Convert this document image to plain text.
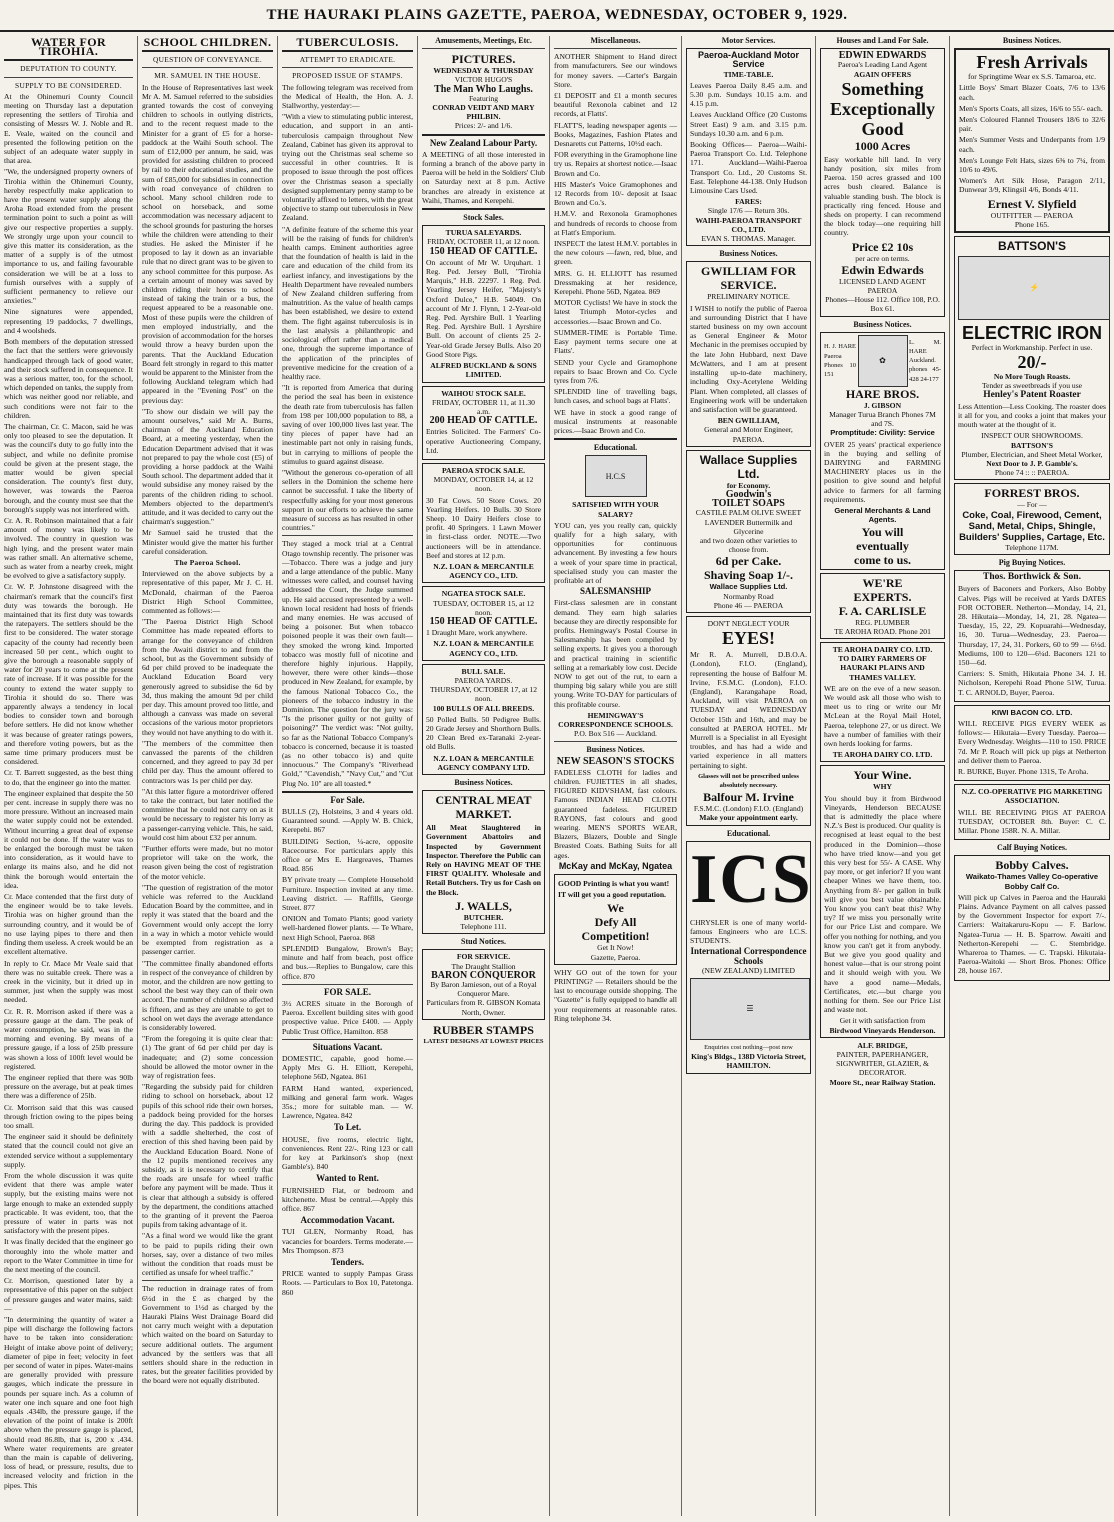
THE HAURAKI PLAINS GAZETTE, PAEROA, WEDNESDAY, OCTOBER 9, 1929.
WATER FOR TIROHIA.
DEPUTATION TO COUNTY.
SUPPLY TO BE CONSIDERED.

At the Ohinemuri County Council meeting on Thursday last a deputation representing the settlers of Tirohia and consisting of Messrs W. J. Noble and R. E. Veale, waited on the council and presented the following petition on the subject of an adequate water supply in that area.

"We, the undersigned property owners of Tirohia within the Ohinemuri County, hereby respectfully make application to have the present water supply along the Aroha Road extended from the present termination point to such a point as will give our respective properties a supply. We strongly urge upon your council to give this matter its consideration, as the matter of a supply is of the utmost importance to us, and failing favourable consideration we will be at a loss to furnish ourselves with a supply of sufficient permanency to relieve our anxieties."

Nine signatures were appended, representing 19 paddocks, 7 dwellings, and 4 woolsheds.

Both members of the deputation stressed the fact that the settlers were grievously handicapped through lack of good water, and their stock suffered in consequence. It was a serious matter, too, for the school, which depended on tanks, the supply from which was neither good nor reliable, and such conditions were not fair to the children.

The chairman, Cr. C. Macon, said he was only too pleased to see the deputation. It was the council's duty to go fully into the subject, and while no definite promise could be given at the present stage, the matter would be given special consideration. The county's first duty, however, was towards the Paeroa borough, and the county must see that the borough's supply was not interfered with.

Cr. A. R. Robinson maintained that a fair amount of money was likely to be involved. The country in question was high lying, and the present water main was rather small. An alternative scheme, such as water from a nearby creek, might be evolved to give a satisfactory supply.

Cr. W. P. Johnstone disagreed with the chairman's remark that the council's first duty was towards the borough. He maintained that its first duty was towards the ratepayers. The settlers should be the first to be considered. The water storage capacity of the county had recently been increased 50 per cent., which ought to give the borough a reasonable supply of water for 20 years to come at the present rate of increase. If it was possible for the county to extend the water supply to Tirohia it should do so. There was apparently always a tendency in local bodies to consider town and borough before settlers. He did not know whether it was because of greater ratings powers, and therefore voting powers, but as the same time primary producers must be considered.

Cr. T. Barrett suggested, as the best thing to do, that the engineer go into the matter.

The engineer explained that despite the 50 per cent. increase in supply there was no more pressure. Without an increased main the water supply could not be extended. Without incurring a great deal of expense it could not be done. If the water was to be enlarged the borough must be taken into consideration, as it would have to enlarge its mains also, and he did not think the borough would entertain the idea.

Cr. Mace contended that the first duty of the engineer would be to take levels. Tirohia was on higher ground than the surrounding country, and it would be of no use laying pipes to there and then finding them useless. A creek would be an excellent alternative.

In reply to Cr. Mace Mr Veale said that there was no suitable creek. There was a creek in the vicinity, but it dried up in summer, just when the supply was most needed.

Cr. R. R. Morrison asked if there was a pressure gauge at the dam. The peak of water consumption, he said, was in the morning and evening. By means of a pressure gauge, if a loss of 25lb pressure was shown a loss of 100ft level would be registered.

The engineer replied that there was 90lb pressure on the average, but at peak times there was a difference of 25lb.

Cr. Morrison said that this was caused through friction owing to the pipes being too small.

The engineer said it should be definitely stated that the council could not give an extended service without a supplementary supply.

From the whole discussion it was quite evident that there was ample water supply, but the existing mains were not large enough to make an extended supply practicable. It was evident, too, that the pressure of water in parts was not satisfactory with the present pipes.

It was finally decided that the engineer go thoroughly into the whole matter and report to the Water Committee in time for the next meeting of the council.

Cr. Morrison, questioned later by a representative of this paper on the subject of pressure gauges and water mains, said:—

"In determining the quantity of water a pipe will discharge the following factors have to be taken into consideration: Height of intake above point of delivery; diameter of pipe in feet; velocity in feet per second of water in pipes. Water-mains are generally provided with pressure gauges, which indicate the pressure in pounds per square inch. As a column of water one inch square and one foot high equals .434lb, the pressure gauge, if the elevation of the point of intake is 200ft above when the pressure gauge is placed, should read 86.8lb, that is, 200 x .434. Where water requirements are greater than the main is capable of delivering, loss of head, or pressure, results, due to increased velocity and friction in the pipes. This

SCHOOL CHILDREN.
QUESTION OF CONVEYANCE.
MR. SAMUEL IN THE HOUSE.

In the House of Representatives last week Mr A. M. Samuel referred to the subsidies granted towards the cost of conveying children to schools in outlying districts, and to the recent request made to the Minister for a grant of £5 for a horse-paddock at the Waihi South school. The sum of £12,000 per annum, he said, was provided for assisting children to proceed by rail to their educational studies, and the sum of £85,000 for subsidies in connection with road conveyance of children to school. Many school children rode to school on horseback, and some accommodation was necessary adjacent to the school grounds for pasturing the horses while the children were attending to their studies. He asked the Minister if he proposed to lay it down as an invariable rule that no direct grant was to be given to any school committee for this purpose. As a certain amount of money was saved by children riding their horses to school instead of taking the train or a bus, the request appeared to be a reasonable one. Most of these pupils were the children of men employed industrially, and the provision of accommodation for the horses would throw a heavy burden upon the parents. That the Auckland Education Board felt strongly in regard to this matter would be apparent to the Minister from the following Auckland telegram which had appeared in the "Evening Post" on the previous day:

"To show our disdain we will pay the amount ourselves," said Mr A. Burns, chairman of the Auckland Education Board, at a meeting yesterday, when the Education Department advised that it was not prepared to pay the whole cost (£5) of providing a horse paddock at the Waihi South school. The department added that it would subsidise any money raised by the parents of the children riding to school. Members objected to the department's attitude, and it was decided to carry out the chairman's suggestion."

Mr Samuel said he trusted that the Minister would give the matter his further careful consideration.

The Paeroa School.

Interviewed on the above subjects by a representative of this paper, Mr J. C. H. McDonald, chairman of the Paeroa District High School Committee, commented as follows:—

"The Paeroa District High School Committee has made repeated efforts to arrange for the conveyance of children from the Awaiti district to and from the school, but as the Government subsidy of 6d per child proved to be inadequate the Auckland Education Board very generously agreed to subsidise the 6d by 3d, thus making the amount 9d per child per day. This amount proved too little, and although a canvass was made on several occasions of the various motor proprietors they would not have anything to do with it.

"The members of the committee then canvassed the parents of the children concerned, and they agreed to pay 3d per child per day. Thus the amount offered to contractors was 1s per child per day.

"At this latter figure a motordriver offered to take the contract, but later notified the committee that he could not carry on as it would be necessary to register his lorry as a passenger-carrying vehicle. This, he said, would cost him about £32 per annum.

"Further efforts were made, but no motor proprietor will take on the work, the reason given being the cost of registration of the motor vehicle.

"The question of registration of the motor vehicle was referred to the Auckland Education Board by the committee, and in reply it was stated that the board and the Government would only accept the lorry in a way in which a motor vehicle would be exempted from registration as a passenger carrier.

"The committee finally abandoned efforts in respect of the conveyance of children by motor, and the children are now getting to school the best way they can of their own accord. The number of children so affected is fifteen, and as they are unable to get to school on wet days the average attendance is considerably lowered.

"From the foregoing it is quite clear that: (1) The grant of 6d per child per day is inadequate; and (2) some concession should be allowed the motor owner in the way of registration fees.

"Regarding the subsidy paid for children riding to school on horseback, about 12 pupils of this school ride their own horses, a paddock being provided for the horses during the day. This paddock is provided with a saddle shelterhed, the cost of erection of this shed having been paid by the Auckland Education Board. None of the 12 pupils mentioned receives any subsidy, as it is necessary to certify that the roads are unsafe for wheel traffic before any payment will be made. Thus it is clear that although a subsidy is offered by the department, the conditions attached to the granting of it prevent the Paeroa pupils from taking advantage of it.

"As a final word we would like the grant to be paid to pupils riding their own horses, say, over a distance of two miles without the condition that roads must be certified as unsafe for wheel traffic."

The reduction in drainage rates of from 6½d in the £ as charged by the Government to 1½d as charged by the Hauraki Plains West Drainage Board did not carry much weight with a deputation which waited on the board on Saturday to secure additional outlets. The argument advanced by the settlers was that all settlers should share in the reduction in rates, but the greater facilities provided by the board were not equally distributed.

TUBERCULOSIS.
ATTEMPT TO ERADICATE.
PROPOSED ISSUE OF STAMPS.

The following telegram was received from the Medical of Health, the Hon. A. J. Stallworthy, yesterday:—

"With a view to stimulating public interest, education, and support in an anti-tuberculosis campaign throughout New Zealand, Cabinet has given its approval to trying out the Christmas seal scheme so successful in other countries. It is proposed to issue through the post offices over the Christmas season a specially designed supplementary penny stamp to be voluntarily affixed to letters, with the great objective to stamp out tuberculosis in New Zealand.

"A definite feature of the scheme this year will be the raising of funds for children's health camps. Eminent authorities agree that the foundation of health is laid in the care and education of the child from its earliest infancy, and investigations by the Health Department have revealed numbers of New Zealand children suffering from malnutrition. As the value of health camps has been established, we desire to extend them. The fight against tuberculosis is in the last analysis a philanthropic and sociological effort rather than a medical one, through the supreme importance of the application of the principles of preventive medicine for the creation of a healthy race.

"It is reported from America that during the period the seal has been in existence the death rate from tuberculosis has fallen from 198 per 100,000 population to 88, a saving of over 100,000 lives last year. The tiny pieces of paper have had an inestimable part not only in raising funds, but in carrying to millions of people the stimulus to guard against disease.

"Without the generous co-operation of all sellers in the Dominion the scheme here cannot be successful. I take the liberty of respectfully asking for your most generous support in our efforts to achieve the same measure of success as has resulted in other countries."

They staged a mock trial at a Central Otago township recently. The prisoner was—Tobacco. There was a judge and jury and a large attendance of the public. Many witnesses were called, and counsel having addressed the Court, the Judge summed up. He said accused represented by a well-known local resident had hosts of friends and many enemies. He was accused of being a poisoner. But when tobacco poisoned people it was their own fault—they smoked the wrong kind. Imported tobacco was mostly full of nicotine and therefore highly injurious. Happily, however, there were other kinds—those produced in New Zealand, for example, by the famous National Tobacco Co., the pioneers of the tobacco industry in the Dominion. The question for the jury was: "Is the prisoner guilty or not guilty of poisoning?" The verdict was: "Not guilty, so far as the National Tobacco Company's tobacco is concerned, because it is toasted (as no other tobacco is) and quite innocuous." The Company's "Riverhead Gold," "Cavendish," "Navy Cut," and "Cut Plug No. 10" are all toasted.*

For Sale.

BULLS (2), Holsteins, 3 and 4 years old. Guaranteed sound. —Apply W. B. Chick, Kerepehi. 867

BUILDING Section, ¼-acre, opposite Racecourse. For particulars apply this office or Mrs E. Hargreaves, Thames Road. 856

BY private treaty — Complete Household Furniture. Inspection invited at any time. Leaving district. — Raffills, George Street. 877

ONION and Tomato Plants; good variety well-hardened flower plants. — Te Whare, next High School, Paeroa. 868

SPLENDID Bungalow, Brown's Bay; minute and half from beach, post office and bus.—Replies to Bungalow, care this office. 870

FOR SALE.

3½ ACRES situate in the Borough of Paeroa. Excellent building sites with good prospective value. Price £400. — Apply Public Trust Office, Hamilton. 858

Situations Vacant.

DOMESTIC, capable, good home.—Apply Mrs G. H. Elliott, Kerepehi, telephone 56D, Ngatea. 861

FARM Hand wanted, experienced, milking and general farm work. Wages 35s.; more for suitable man. — W. Lawrence, Ngatea. 842

To Let.

HOUSE, five rooms, electric light, conveniences. Rent 22/-. Ring 123 or call for key at Parkinson's shop (next Gamble's). 840

Wanted to Rent.

FURNISHED Flat, or bedroom and kitchenette. Must be central.—Apply this office. 867

Accommodation Vacant.

TUI GLEN, Normanby Road, has vacancies for boarders. Terms moderate.—Mrs Thompson. 873

Tenders.

PRICE wanted to supply Pampas Grass Roots. — Particulars to Box 10, Patetonga. 860

Amusements, Meetings, Etc.
PICTURES.
WEDNESDAY & THURSDAY
VICTOR HUGO'S
The Man Who Laughs.
Featuring
CONRAD VEIDT AND MARY PHILBIN.
Prices: 2/- and 1/6.
New Zealand Labour Party.

A MEETING of all those interested in forming a branch of the above party in Paeroa will be held in the Soldiers' Club on Saturday next at 8 p.m. Active branches are already in existence at Waihi, Thames, and Kerepehi.

Stock Sales.
TURUA SALEYARDS.
FRIDAY, OCTOBER 11, at 12 noon.
150 HEAD OF CATTLE.

On account of Mr W. Urquhart. 1 Reg. Ped. Jersey Bull, "Tirohia Marquis," H.B. 22297. 1 Reg. Ped. Yearling Jersey Heifer, "Majesty's Oxford Dulce," H.B. 54049. On account of Mr J. Flynn, 1 2-Year-old Reg. Ped. Ayrshire Bull. 1 Yearling Reg. Ped. Ayrshire Bull. 1 Ayrshire Bull. On account of clients 25 2-Year-old Grade Jersey Bulls. Also 20 Good Store Pigs.

ALFRED BUCKLAND & SONS LIMITED.
WAIHOU STOCK SALE.
FRIDAY, OCTOBER 11, at 11.30 a.m.
200 HEAD OF CATTLE.

Entries Solicited. The Farmers' Co-operative Auctioneering Company, Ltd.

PAEROA STOCK SALE.
MONDAY, OCTOBER 14, at 12 noon.

30 Fat Cows. 50 Store Cows. 20 Yearling Heifers. 10 Bulls. 30 Store Sheep. 10 Dairy Heifers close to profit. 40 Springers. 1 Lawn Mower in first-class order. NOTE.—Two auctioneers will be in attendance. Beef and stores at 12 p.m.

N.Z. LOAN & MERCANTILE AGENCY CO., LTD.
NGATEA STOCK SALE.
TUESDAY, OCTOBER 15, at 12 noon.
150 HEAD OF CATTLE.

1 Draught Mare, work anywhere.

N.Z. LOAN & MERCANTILE AGENCY CO., LTD.
BULL SALE.
PAEROA YARDS.
THURSDAY, OCTOBER 17, at 12 noon.
100 BULLS OF ALL BREEDS.

50 Polled Bulls. 50 Pedigree Bulls. 20 Grade Jersey and Shorthorn Bulls. 20 Clean Bred ex-Taranaki 2-year-old Bulls.

N.Z. LOAN & MERCANTILE AGENCY COMPANY LTD.
Business Notices.
CENTRAL MEAT MARKET.

All Meat Slaughtered in Government Abattoirs and Inspected by Government Inspector. Therefore the Public can Rely on HAVING MEAT OF THE FIRST QUALITY. Wholesale and Retail Butchers. Try us for Cash on the Block.

J. WALLS,
BUTCHER.
Telephone 111.
Stud Notices.
FOR SERVICE.
The Draught Stallion
BARON CONQUEROR
By Baron Jamieson, out of a Royal Conqueror Mare.
Particulars from R. GIBSON Komata North, Owner.
RUBBER STAMPS
LATEST DESIGNS AT LOWEST PRICES
Miscellaneous.

ANOTHER Shipment to Hand direct from manufacturers. See our windows for money savers. —Carter's Bargain Store.

£1 DEPOSIT and £1 a month secures beautiful Rexonola cabinet and 12 records, at Flatts'.

FLATT'S, leading newspaper agents — Books, Magazines, Fashion Plates and Desnaretts cut Patterns, 10½d each.

FOR everything in the Gramophone line try us. Repairs at shortest notice.—Isaac Brown and Co.

HIS Master's Voice Gramophones and 12 Records from 10/- deposit at Isaac Brown and Co.'s.

H.M.V. and Rexonola Gramophones and hundreds of records to choose from at Flatt's Emporium.

INSPECT the latest H.M.V. portables in the new colours —fawn, red, blue, and green.

MRS. G. H. ELLIOTT has resumed Dressmaking at her residence, Kerepehi. Phone 56D, Ngatea. 869

MOTOR Cyclists! We have in stock the latest Triumph Motor-cycles and accessories.—Isaac Brown and Co.

SUMMER-TIME is Portable Time. Easy payment terms secure one at Flatts'.

SEND your Cycle and Gramophone repairs to Isaac Brown and Co. Cycle tyres from 7/6.

SPLENDID line of travelling bags, lunch cases, and school bags at Flatts'.

WE have in stock a good range of musical instruments at reasonable prices.—Isaac Brown and Co.

Educational.
H.C.S
SATISFIED WITH YOUR SALARY?

YOU can, yes you really can, quickly qualify for a high salary, with opportunities for continuous advancement. By investing a few hours a week of your spare time in practical, specialised study you can master the profitable art of

SALESMANSHIP

First-class salesmen are in constant demand. They earn high salaries because they are directly responsible for profits. Hemingway's Postal Course in Salesmanship has been compiled by selling experts. It gives you a thorough and practical training in scientific selling at a remarkably low cost. Decide NOW to get out of the rut, to earn a thumping big salary while you are still young. Write TO-DAY for particulars of this profitable course.

HEMINGWAY'S CORRESPONDENCE SCHOOLS.
P.O. Box 516 — Auckland.
Business Notices.
NEW SEASON'S STOCKS

FADELESS CLOTH for ladies and children. FUJIETTES in all shades, FIGURED KIDVSHAM, fast colours. Famous INDIAN HEAD CLOTH guaranteed fadeless. FIGURED RAYONS, fast colours and good wearing. MEN'S SPORTS WEAR, Blazers, Blazers, Double and Single Breasted Coats. Bathing Suits for all ages.

McKay and McKay, Ngatea

GOOD Printing is what you want!

IT will get you a good reputation.

We
Defy All
Competition!
Get It Now!
Gazette, Paeroa.

WHY GO out of the town for your PRINTING? — Retailers should be the last to encourage outside shopping. The "Gazette" is fully equipped to handle all your requirements at reasonable rates. Ring telephone 34.

Motor Services.
Paeroa-Auckland Motor Service
TIME-TABLE.

Leaves Paeroa Daily 8.45 a.m. and 5.30 p.m. Sundays 10.15 a.m. and 4.15 p.m.

Leaves Auckland Office (20 Customs Street East) 9 a.m. and 3.15 p.m. Sundays 10.30 a.m. and 6 p.m.

Booking Offices— Paeroa—Waihi-Paeroa Transport Co. Ltd. Telephone 171. Auckland—Waihi-Paeroa Transport Co. Ltd., 20 Customs St. East. Telephone 44-138. Only Hudson Limousine Cars Used.

FARES:
Single 17/6 — Return 30s.
WAIHI-PAEROA TRANSPORT CO., LTD.
EVAN S. THOMAS. Manager.
Business Notices.
GWILLIAM FOR SERVICE.
PRELIMINARY NOTICE.

I WISH to notify the public of Paeroa and surrounding District that I have started business on my own account as General Engineer & Motor Mechanic in the premises occupied by the late John Hubbard, next Dave McWatters, and I am at present installing up-to-date machinery, including Oxy-Acetylene Welding Plant. When completed, all classes of Engineering work will be undertaken and satisfaction will be guaranteed.

BEN GWILLIAM,
General and Motor Engineer, PAEROA.
Wallace Supplies Ltd.
for Economy.
Goodwin's
TOILET SOAPS
CASTILE PALM OLIVE SWEET LAVENDER Buttermilk and Glycerine
and two dozen other varieties to choose from.
6d per Cake.
Shaving Soap 1/-.
Wallace Supplies Ltd.
Normanby Road
Phone 46 — PAEROA
DON'T NEGLECT YOUR
EYES!

Mr R. A. Murrell, D.B.O.A. (London), F.I.O. (England), representing the house of Balfour M. Irvine, F.S.M.C. (London), F.I.O. (England), Karangahape Road, Auckland, will visit PAEROA on TUESDAY and WEDNESDAY October 15th and 16th, and may be consulted at PAEROA HOTEL. Mr Murrell is a Specialist in all Eyesight troubles, and has had a wide and varied experience in all matters pertaining to sight.

Glasses will not be prescribed unless absolutely necessary.
Balfour M. Irvine
F.S.M.C. (London) F.I.O. (England)
Make your appointment early.
Educational.
ICS

CHRYSLER is one of many world-famous Engineers who are I.C.S. STUDENTS.

International Correspondence Schools
(NEW ZEALAND) LIMITED
☰
Enquiries cost nothing—post now
King's Bldgs., 138D Victoria Street, HAMILTON.
Houses and Land For Sale.
EDWIN EDWARDS
Paeroa's Leading Land Agent
AGAIN OFFERS
Something Exceptionally Good
1000 Acres

Easy workable hill land. In very handy position, six miles from Paeroa. 150 acres grassed and 100 acres bush cleared. Balance is valuable standing bush. The block is practically ring fenced. House and sheds on property. I can recommend the block today—one requiring hill country.

Price £2 10s
per acre on terms.
Edwin Edwards
LICENSED LAND AGENT PAEROA
Phones—House 112. Office 108, P.O. Box 61.
Business Notices.
H. J. HARE Paeroa Phones 10 151
✿
L. M. HARE Auckland. phones 45-428 24-177
HARE BROS.
J. GIBSON
Manager Turua Branch Phones 7M and 7S.
Promptitude: Civility: Service

OVER 25 years' practical experience in the buying and selling of DAIRYING and FARMING MACHINERY places us in the position to give sound and helpful advice to farmers for all farming requirements.

General Merchants & Land Agents.
You will
eventually
come to us.
WE'RE
EXPERTS.
F. A. CARLISLE
REG. PLUMBER
TE AROHA ROAD. Phone 201
TE AROHA DAIRY CO. LTD.
TO DAIRY FARMERS OF HAURAKI PLAINS AND THAMES VALLEY.

WE are on the eve of a new season. We would ask all those who wish to meet us to ring or write our Mr McLean at the Royal Mail Hotel, Paeroa, telephone 27, or us direct. We have a number of families with their own herds looking for farms.

TE AROHA DAIRY CO. LTD.
Your Wine.
WHY

You should buy it from Birdwood Vineyards, Henderson BECAUSE that is admittedly the place where N.Z.'s Best is produced. Our quality is recognised at least equal to the best produced in the Dominion—those who have tried know—and you get this very best for 55/- A CASE. Why pay more, or get inferior? If you want cheaper Wines we have them, too. Anything from 8/- per gallon in bulk will give you best value obtainable. You know you can't beat this? Why try? If we miss you personally write for our Price List and compare. We offer you nothing for nothing, and you know you can't get it from anybody. But we give you good quality and honest value—that is our strong point and it should weigh with you. We have a good name—Medals, Certificates, etc.—but charge you nothing for them. See our Price List and waste not.

Get it with satisfaction from
Birdwood Vineyards Henderson.
ALF. BRIDGE,
PAINTER, PAPERHANGER, SIGNWRITER, GLAZIER, & DECORATOR.
Moore St., near Railway Station.
Business Notices.
Fresh Arrivals
for Springtime Wear ex S.S. Tamaroa, etc.

Little Boys' Smart Blazer Coats, 7/6 to 13/6 each.

Men's Sports Coats, all sizes, 16/6 to 55/- each.

Men's Coloured Flannel Trousers 18/6 to 32/6 pair.

Men's Summer Vests and Underpants from 1/9 each.

Men's Lounge Felt Hats, sizes 6⅜ to 7¼, from 10/6 to 49/6.

Women's Art Silk Hose, Paragon 2/11, Dunwear 3/9, Klingsil 4/6, Bonds 4/11.

Ernest V. Slyfield
OUTFITTER — PAEROA
Phone 165.
BATTSON'S
⚡
ELECTRIC IRON
Perfect in Workmanship. Perfect in use.
20/-
No More Tough Roasts.
Tender as sweetbreads if you use
Henley's Patent Roaster

Less Attention—Less Cooking. The roaster does it all for you, and cooks a joint that makes your mouth water at the thought of it.

INSPECT OUR SHOWROOMS.
BATTSON'S
Plumber, Electrician, and Sheet Metal Worker,
Next Door to J. P. Gamble's.
Phone 74 :: :: PAEROA.
FORREST BROS.
— For —
Coke, Coal, Firewood, Cement, Sand, Metal, Chips, Shingle, Builders' Supplies, Cartage, Etc.
Telephone 117M.
Pig Buying Notices.
Thos. Borthwick & Son.

Buyers of Baconers and Porkers, Also Bobby Calves. Pigs will be received at Yards DATES FOR OCTOBER. Netherton—Monday, 14, 21, 28. Hikutaia—Monday, 14, 21, 28. Ngatea—Tuesday, 15, 22, 29. Kopuarahi—Wednesday, 16, 30. Turua—Wednesday, 23. Paeroa—Thursday, 17, 24, 31. Porkers, 60 to 99 — 6½d. Mediums, 100 to 120—6¼d. Baconers 121 to 150—6d.

Carriers: S. Smith, Hikutaia Phone 34. J. H. Nicholson, Kerepehi Road Phone 51W, Turua. T. C. ARNOLD, Buyer, Paeroa.

KIWI BACON CO. LTD.

WILL RECEIVE PIGS EVERY WEEK as follows:— Hikutaia—Every Tuesday. Paeroa—Every Wednesday. Weights—110 to 150. PRICE 7d. Mr P. Roach will pick up pigs at Netherton and deliver them to Paeroa.

R. BURKE, Buyer. Phone 131S, Te Aroha.

N.Z. CO-OPERATIVE PIG MARKETING ASSOCIATION.

WILL BE RECEIVING PIGS AT PAEROA TUESDAY, OCTOBER 8th. Buyer: C. C. Millar. Phone 158R. N. A. Millar.

Calf Buying Notices.
Bobby Calves.
Waikato-Thames Valley Co-operative Bobby Calf Co.

Will pick up Calves in Paeroa and the Hauraki Plains. Advance Payment on all calves passed by the Government Inspector for export 7/-. Carriers: Waitakaruru-Kopu — F. Barlow. Ngatea-Turua — H. B. Sparrow. Awaiti and Netherton-Kerepehi — C. Stembridge. Whareroa to Thames. — C. Trapski. Hikutaia-Paeroa-Waitoki — Short Bros. Phones: Office 28, house 167.
